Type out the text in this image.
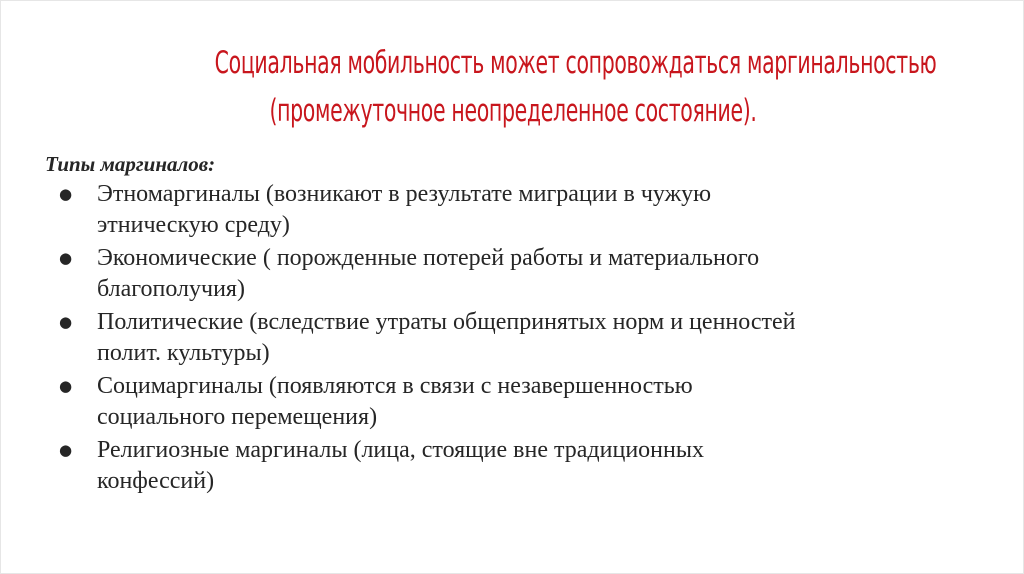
Социальная мобильность может сопровождаться маргинальностью
(промежуточное неопределенное состояние).

Типы маргиналов:

● Этномаргиналы (возникают в результате миграции в чужую
этническую среду)
● Экономические ( порожденные потерей работы и материального
благополучия)
● Политические (вследствие утраты общепринятых норм и ценностей
полит. культуры)
● Социмаргиналы (появляются в связи с незавершенностью
социального перемещения)
● Религиозные маргиналы (лица, стоящие вне традиционных
конфессий)
